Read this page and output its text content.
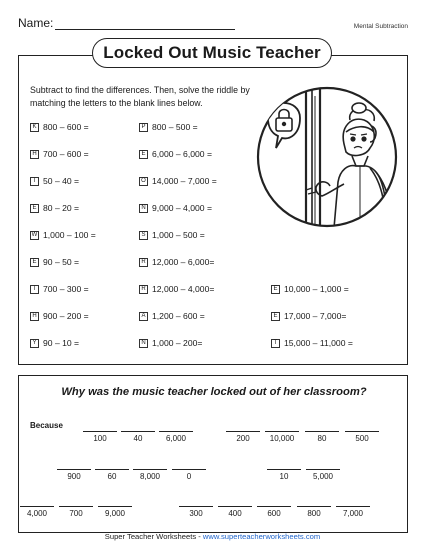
Name:	Mental Subtraction
Locked Out Music Teacher
Subtract to find the differences. Then, solve the riddle by matching the letters to the blank lines below.
K 800 – 600 =
H 700 – 600 =
I 50 – 40 =
E 80 – 20 =
W 1,000 – 100 =
E 90 – 50 =
I 700 – 300 =
H 900 – 200 =
Y 90 – 10 =
P 800 – 500 =
E 6,000 – 6,000 =
O 14,000 – 7,000 =
N 9,000 – 4,000 =
S 1,000 – 500 =
R 12,000 – 6,000=
R 12,000 – 4,000=
A 1,200 – 600 =
N 1,000 – 200=
E 10,000 – 1,000 =
E 17,000 – 7,000=
T 15,000 – 11,000 =
Why was the music teacher locked out of her classroom?
Because
100	40	6,000	200	10,000	80	500
900	60	8,000	0	10	5,000
4,000	700	9,000	300	400	600	800	7,000
Super Teacher Worksheets - www.superteacherworksheets.com
